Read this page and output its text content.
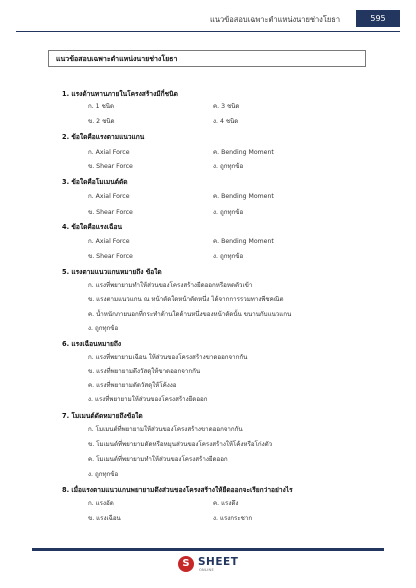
แนวข้อสอบเฉพาะตำแหน่งนายช่างโยธา	595
แนวข้อสอบเฉพาะตำแหน่งนายช่างโยธา
1. แรงด้านทานภายในโครงสร้างมีกี่ชนิด
ก. 1 ชนิด	ค. 3 ชนิด
ข. 2 ชนิด	ง. 4 ชนิด
2. ข้อใดคือแรงตามแนวแกน
ก. Axial Force	ค. Bending Moment
ข. Shear Force	ง. ถูกทุกข้อ
3. ข้อใดคือโมเมนต์ดัด
ก. Axial Force	ค. Bending Moment
ข. Shear Force	ง. ถูกทุกข้อ
4. ข้อใดคือแรงเฉือน
ก. Axial Force	ค. Bending Moment
ข. Shear Force	ง. ถูกทุกข้อ
5. แรงตามแนวแกนหมายถึง ข้อใด
ก. แรงที่พยายามทำให้ส่วนของโครงสร้างยืดออกหรือหดตัวเข้า
ข. แรงตามแนวแกน ณ หน้าตัดใดหน้าตัดหนึ่ง ได้จากการรวมทางพีชคณิต
ค. น้ำหนักภายนอกที่กระทำด้านใดด้านหนึ่งของหน้าตัดนั้น ขนานกับแนวแกน
ง. ถูกทุกข้อ
6. แรงเฉือนหมายถึง
ก. แรงที่พยายามเฉือน ให้ส่วนของโครงสร้างขาดออกจากกัน
ข. แรงที่พยายามดึงวัสดุให้ขาดออกจากกัน
ค. แรงที่พยายามดัดวัสดุให้โค้งงอ
ง. แรงที่พยายามให้ส่วนของโครงสร้างยืดออก
7. โมเมนต์ดัดหมายถึงข้อใด
ก. โมเมนต์ที่พยายามให้ส่วนของโครงสร้างขาดออกจากกัน
ข. โมเมนต์ที่พยายามดัดหรือหมุนส่วนของโครงสร้างให้โค้งหรือโก่งตัว
ค. โมเมนต์ที่พยายามทำให้ส่วนของโครงสร้างยืดออก
ง. ถูกทุกข้อ
8. เมื่อแรงตามแนวแกนพยายามดึงส่วนของโครงสร้างให้ยืดออกจะเรียกว่าอย่างไร
ก. แรงอัด	ค. แรงดึง
ข. แรงเฉือน	ง. แรงกระชาก
S SHEET
ONLINE
